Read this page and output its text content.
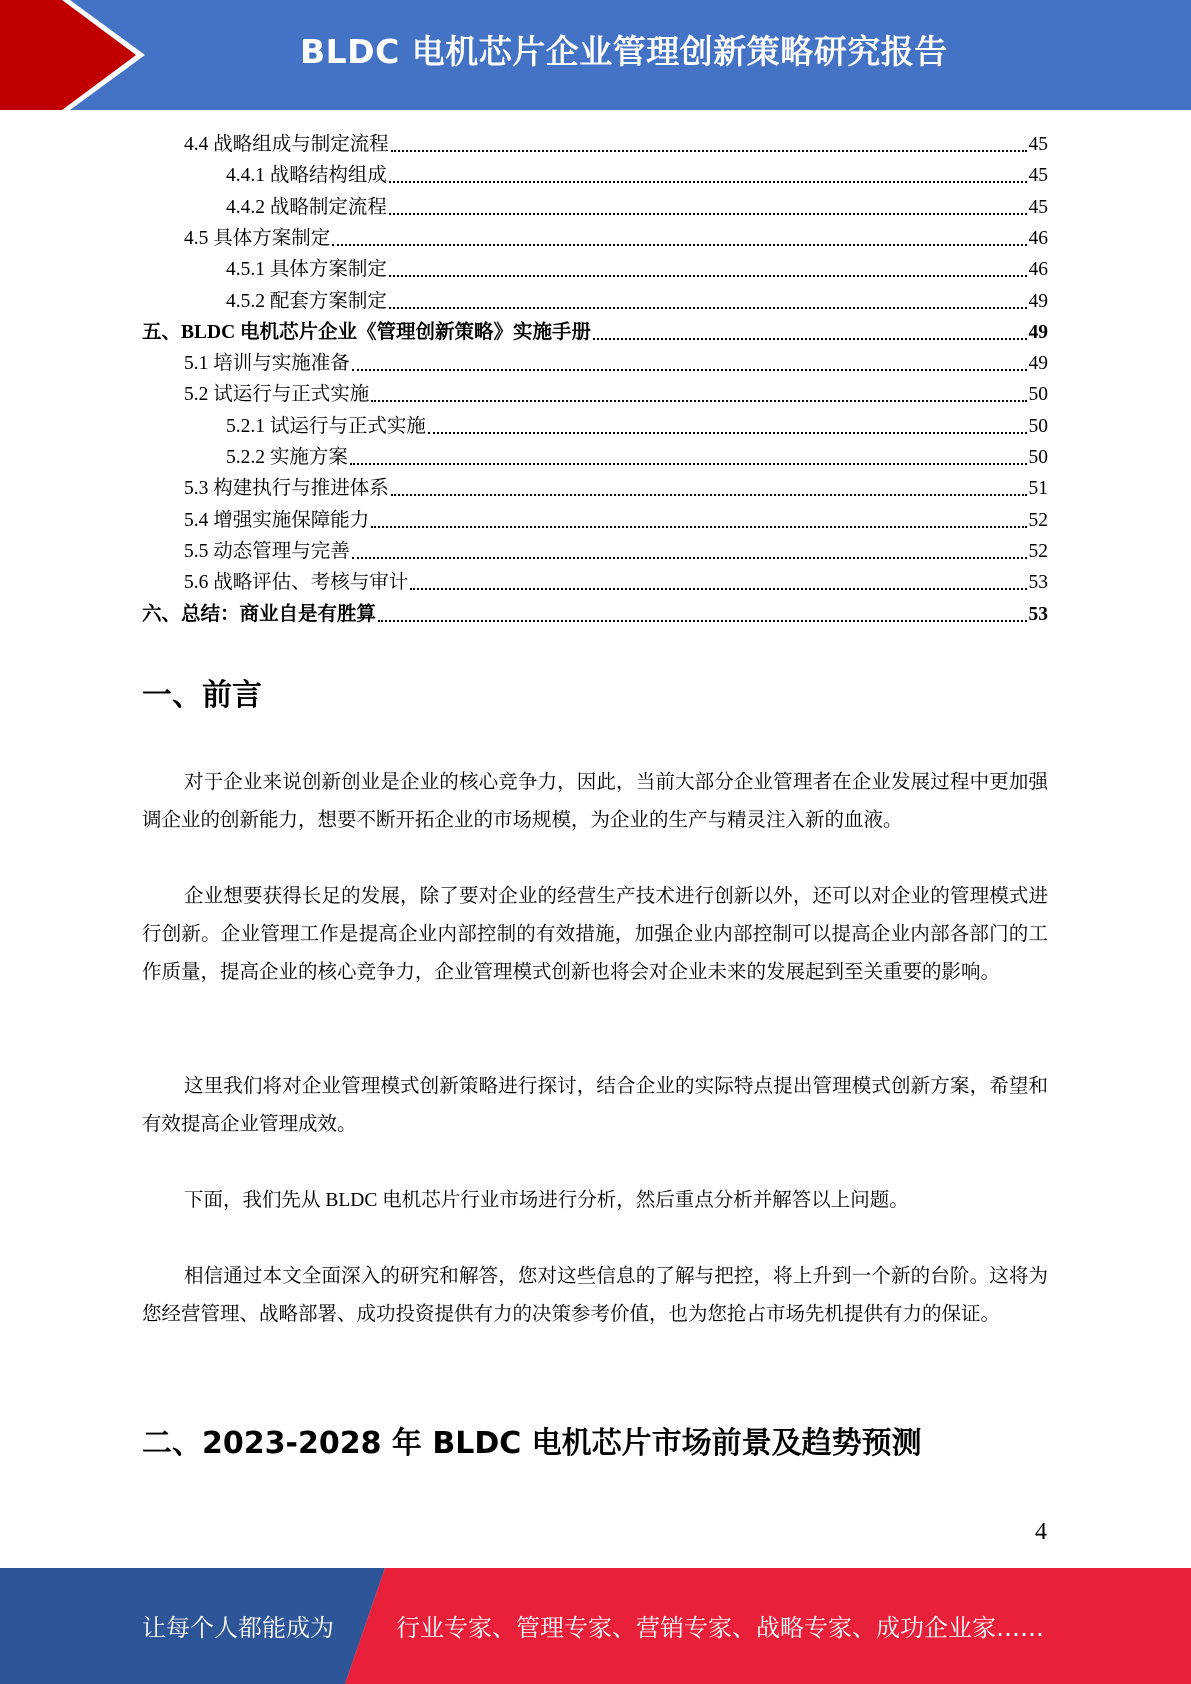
BLDC 电机芯片企业管理创新策略研究报告
4.4 战略组成与制定流程	45
4.4.1 战略结构组成	45
4.4.2 战略制定流程	45
4.5 具体方案制定	46
4.5.1 具体方案制定	46
4.5.2 配套方案制定	49
五、BLDC 电机芯片企业《管理创新策略》实施手册	49
5.1 培训与实施准备	49
5.2 试运行与正式实施	50
5.2.1 试运行与正式实施	50
5.2.2 实施方案	50
5.3 构建执行与推进体系	51
5.4 增强实施保障能力	52
5.5 动态管理与完善	52
5.6 战略评估、考核与审计	53
六、总结：商业自是有胜算	53
一、前言
对于企业来说创新创业是企业的核心竞争力，因此，当前大部分企业管理者在企业发展过程中更加强调企业的创新能力，想要不断开拓企业的市场规模，为企业的生产与精灵注入新的血液。
企业想要获得长足的发展，除了要对企业的经营生产技术进行创新以外，还可以对企业的管理模式进行创新。企业管理工作是提高企业内部控制的有效措施，加强企业内部控制可以提高企业内部各部门的工作质量，提高企业的核心竞争力，企业管理模式创新也将会对企业未来的发展起到至关重要的影响。
这里我们将对企业管理模式创新策略进行探讨，结合企业的实际特点提出管理模式创新方案，希望和有效提高企业管理成效。
下面，我们先从 BLDC 电机芯片行业市场进行分析，然后重点分析并解答以上问题。
相信通过本文全面深入的研究和解答，您对这些信息的了解与把控，将上升到一个新的台阶。这将为您经营管理、战略部署、成功投资提供有力的决策参考价值，也为您抢占市场先机提供有力的保证。
二、2023-2028 年 BLDC 电机芯片市场前景及趋势预测
4
让每个人都能成为	行业专家、管理专家、营销专家、战略专家、成功企业家……
